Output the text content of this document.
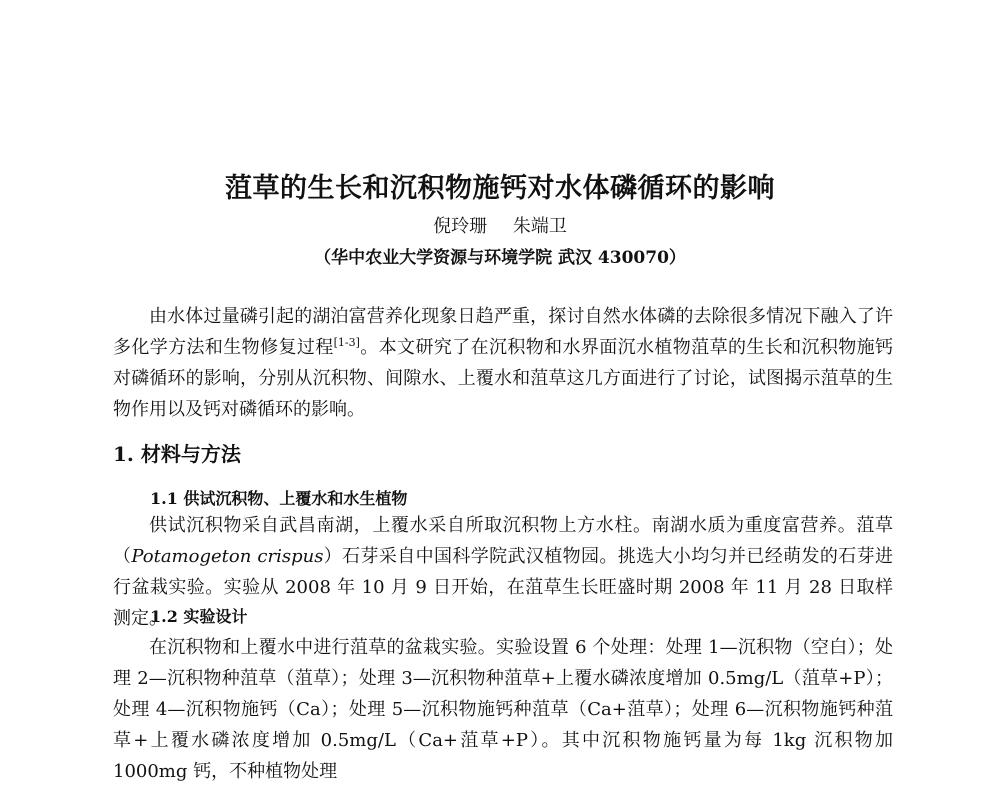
菹草的生长和沉积物施钙对水体磷循环的影响
倪玲珊 朱端卫
（华中农业大学资源与环境学院 武汉 430070）

由水体过量磷引起的湖泊富营养化现象日趋严重，探讨自然水体磷的去除很多情况下融入了许多化学方法和生物修复过程[1-3]。本文研究了在沉积物和水界面沉水植物菹草的生长和沉积物施钙对磷循环的影响，分别从沉积物、间隙水、上覆水和菹草这几方面进行了讨论，试图揭示菹草的生物作用以及钙对磷循环的影响。

1. 材料与方法
1.1 供试沉积物、上覆水和水生植物

供试沉积物采自武昌南湖，上覆水采自所取沉积物上方水柱。南湖水质为重度富营养。菹草（Potamogeton crispus）石芽采自中国科学院武汉植物园。挑选大小均匀并已经萌发的石芽进行盆栽实验。实验从 2008 年 10 月 9 日开始，在菹草生长旺盛时期 2008 年 11 月 28 日取样测定。

1.2 实验设计

在沉积物和上覆水中进行菹草的盆栽实验。实验设置 6 个处理：处理 1—沉积物（空白）；处理 2—沉积物种菹草（菹草）；处理 3—沉积物种菹草+上覆水磷浓度增加 0.5mg/L（菹草+P）；处理 4—沉积物施钙（Ca）；处理 5—沉积物施钙种菹草（Ca+菹草）；处理 6—沉积物施钙种菹草+上覆水磷浓度增加 0.5mg/L（Ca+菹草+P）。其中沉积物施钙量为每 1kg 沉积物加 1000mg 钙，不种植物处理
